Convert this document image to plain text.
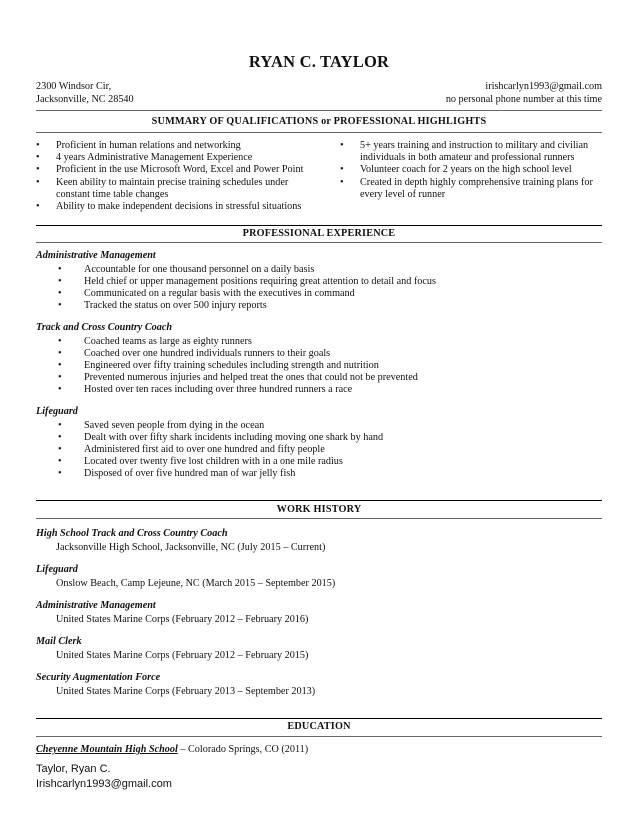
RYAN C. TAYLOR
2300 Windsor Cir,
Jacksonville, NC 28540
irishcarlyn1993@gmail.com
no personal phone number at this time
SUMMARY OF QUALIFICATIONS or PROFESSIONAL HIGHLIGHTS
• Proficient in human relations and networking
• 4 years Administrative Management Experience
• Proficient in the use Microsoft Word, Excel and Power Point
• Keen ability to maintain precise training schedules under constant time table changes
• Ability to make independent decisions in stressful situations
• 5+ years training and instruction to military and civilian individuals in both amateur and professional runners
• Volunteer coach for 2 years on the high school level
• Created in depth highly comprehensive training plans for every level of runner
PROFESSIONAL EXPERIENCE
Administrative Management
• Accountable for one thousand personnel on a daily basis
• Held chief or upper management positions requiring great attention to detail and focus
• Communicated on a regular basis with the executives in command
• Tracked the status on over 500 injury reports
Track and Cross Country Coach
• Coached teams as large as eighty runners
• Coached over one hundred individuals runners to their goals
• Engineered over fifty training schedules including strength and nutrition
• Prevented numerous injuries and helped treat the ones that could not be prevented
• Hosted over ten races including over three hundred runners a race
Lifeguard
• Saved seven people from dying in the ocean
• Dealt with over fifty shark incidents including moving one shark by hand
• Administered first aid to over one hundred and fifty people
• Located over twenty five lost children with in a one mile radius
• Disposed of over five hundred man of war jelly fish
WORK HISTORY
High School Track and Cross Country Coach
Jacksonville High School, Jacksonville, NC (July 2015 – Current)
Lifeguard
Onslow Beach, Camp Lejeune, NC (March 2015 – September 2015)
Administrative Management
United States Marine Corps (February 2012 – February 2016)
Mail Clerk
United States Marine Corps (February 2012 – February 2015)
Security Augmentation Force
United States Marine Corps (February 2013 – September 2013)
EDUCATION
Cheyenne Mountain High School – Colorado Springs, CO (2011)
Taylor, Ryan C.
Irishcarlyn1993@gmail.com
